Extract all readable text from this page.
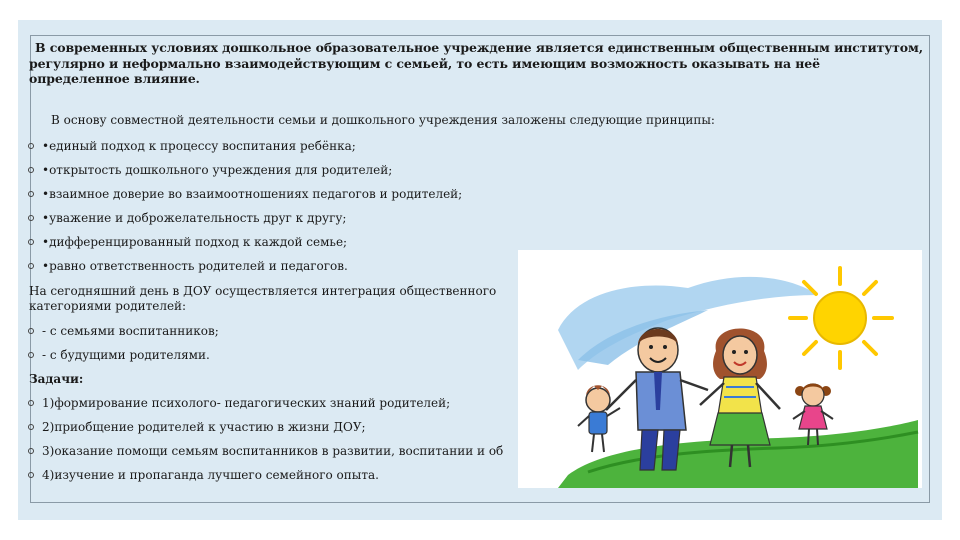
В современных условиях дошкольное образовательное учреждение является единственным общественным институтом,
регулярно и неформально взаимодействующим с семьей, то есть имеющим возможность оказывать на неё
определенное влияние.
В основу совместной деятельности семьи и дошкольного учреждения заложены следующие принципы:
•единый подход к процессу воспитания ребёнка;
•открытость дошкольного учреждения для родителей;
•взаимное доверие во взаимоотношениях педагогов и родителей;
•уважение и доброжелательность друг к другу;
•дифференцированный подход к каждой семье;
•равно ответственность родителей и педагогов.
На сегодняшний день в ДОУ осуществляется интеграция общественного
категориями родителей:
- с семьями воспитанников;
- с будущими родителями.
Задачи:
1)формирование психолого- педагогических знаний родителей;
2)приобщение родителей к участию в жизни ДОУ;
3)оказание помощи семьям воспитанников в развитии, воспитании и об
4)изучение и пропаганда лучшего семейного опыта.
